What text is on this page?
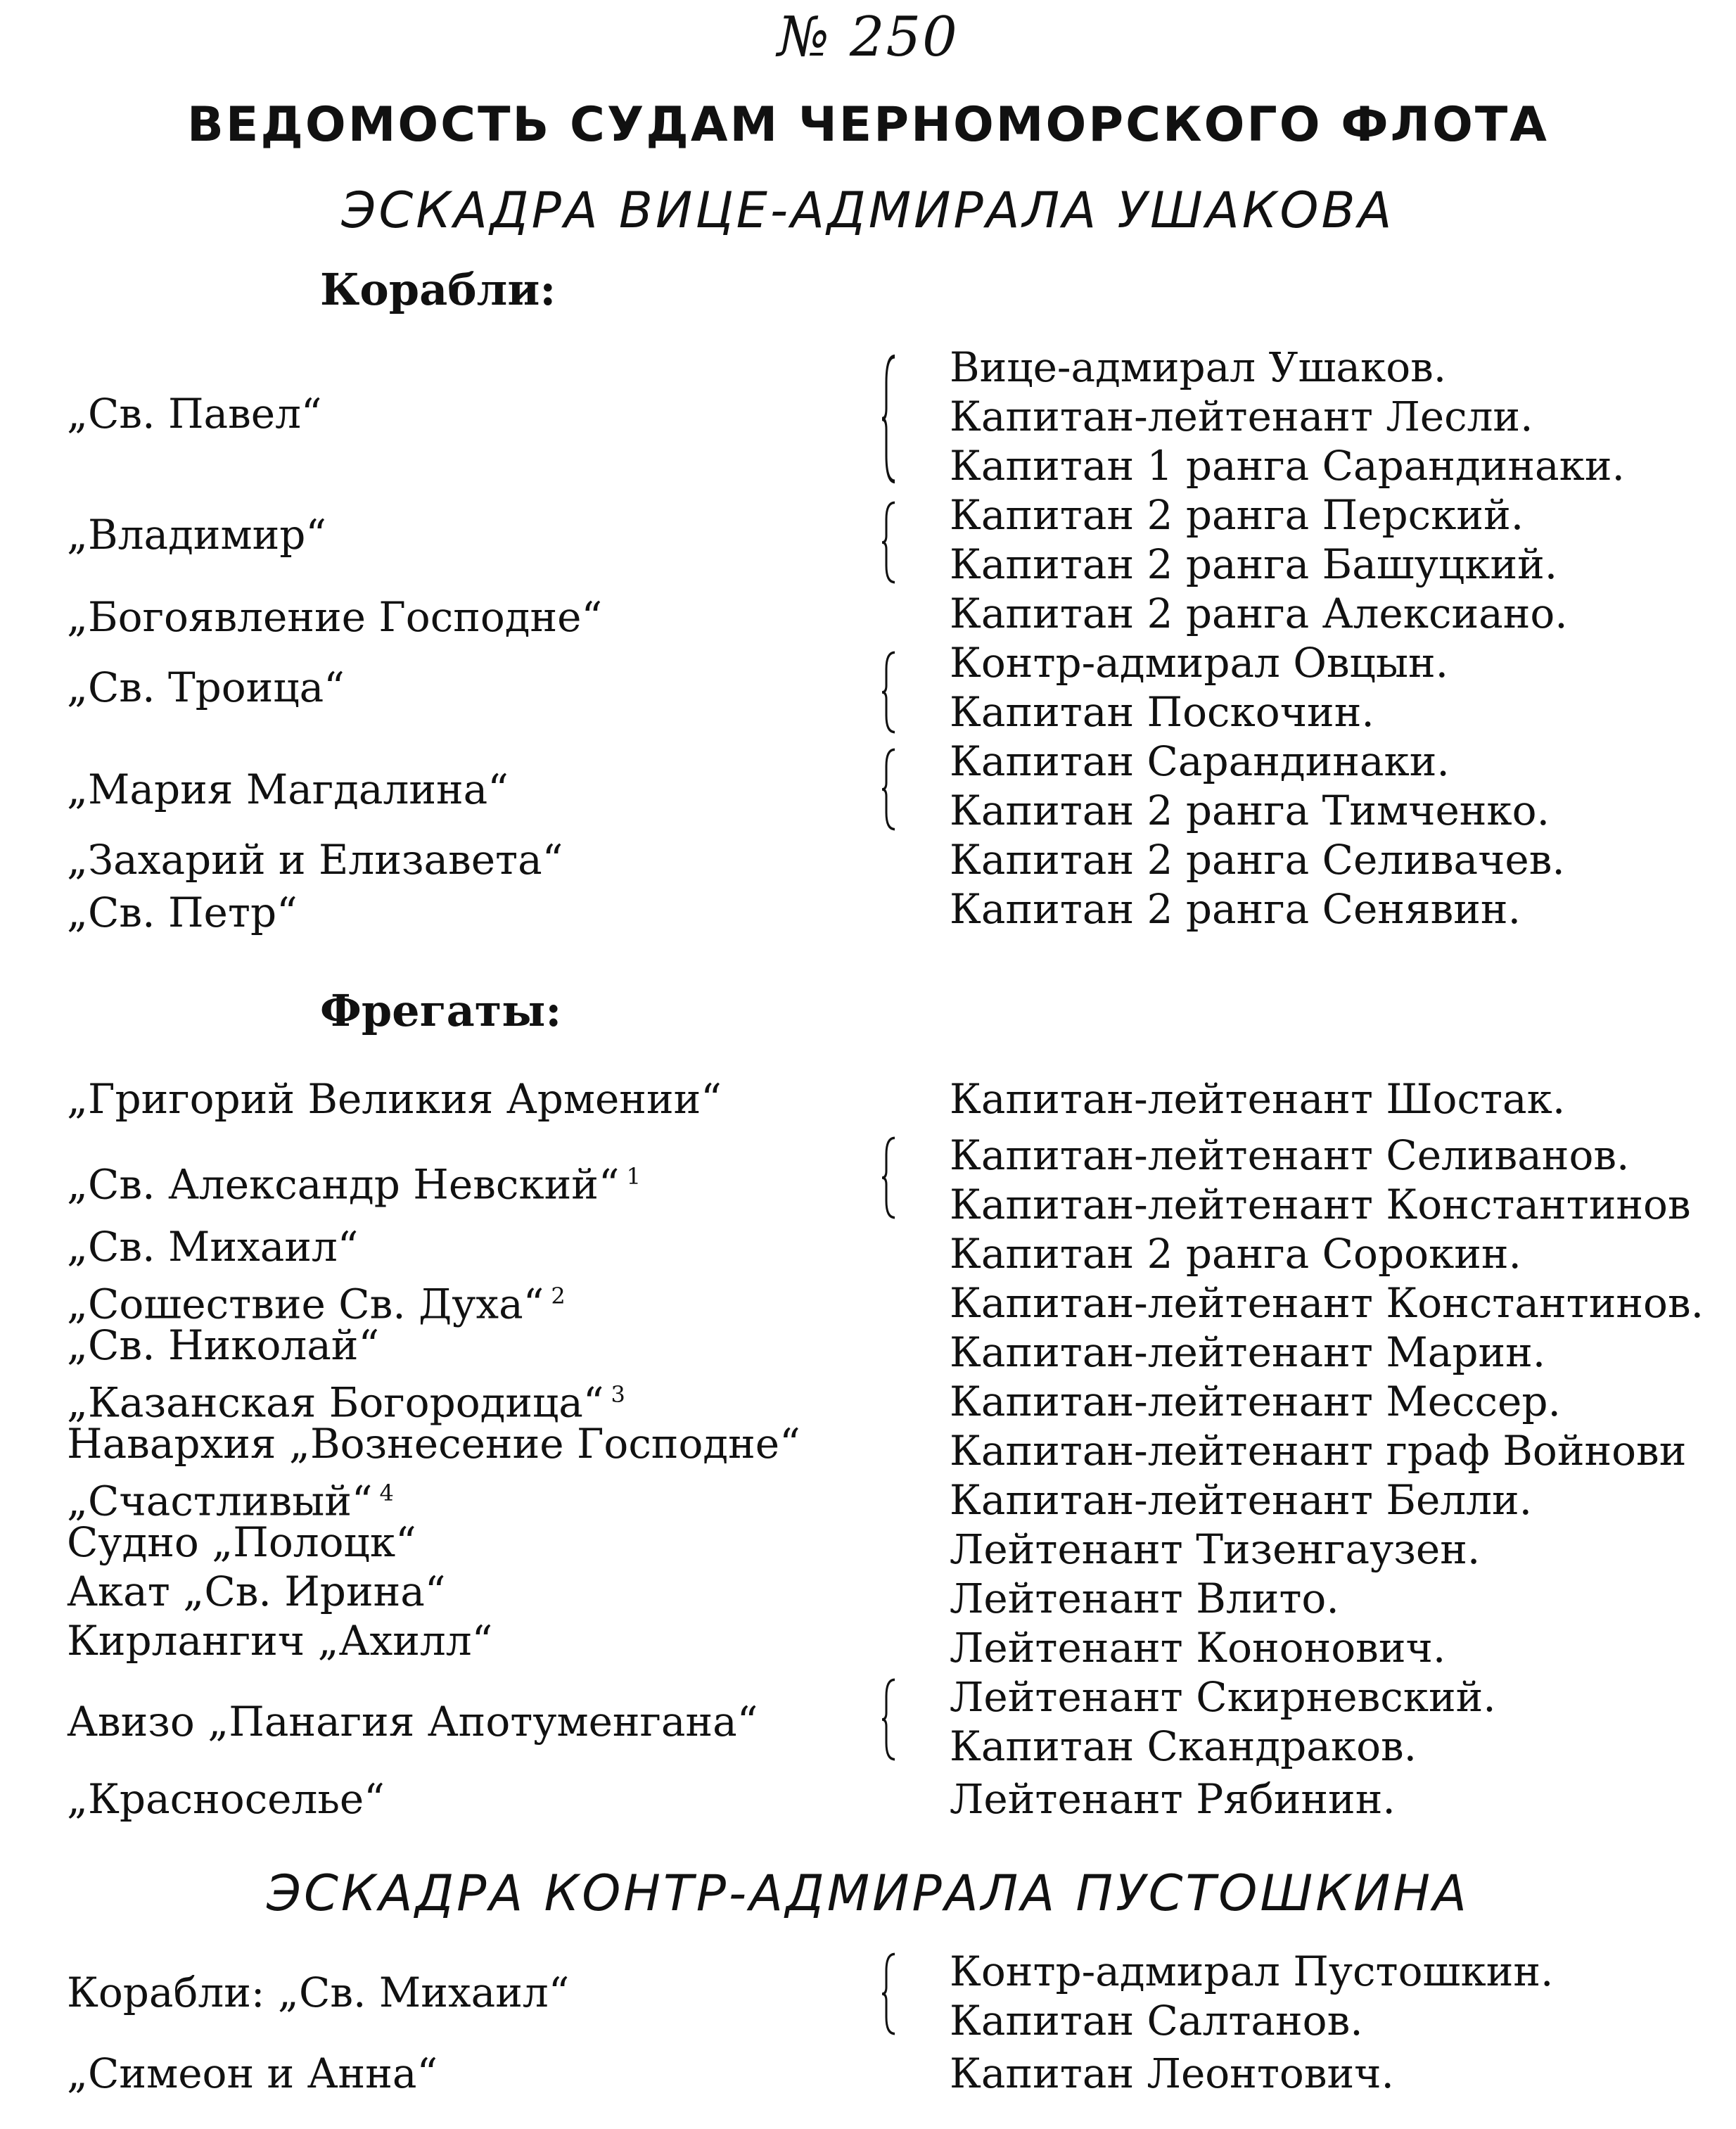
№ 250
ВЕДОМОСТЬ СУДАМ ЧЕРНОМОРСКОГО ФЛОТА
ЭСКАДРА ВИЦЕ-АДМИРАЛА УШАКОВА
Корабли:
„Св. Павел“
„Владимир“
„Богоявление Господне“
„Св. Троица“
„Мария Магдалина“
„Захарий и Елизавета“
„Св. Петр“
Вице-адмирал Ушаков.
Капитан-лейтенант Лесли.
Капитан 1 ранга Сарандинаки.
Капитан 2 ранга Перский.
Капитан 2 ранга Башуцкий.
Капитан 2 ранга Алексиано.
Контр-адмирал Овцын.
Капитан Поскочин.
Капитан Сарандинаки.
Капитан 2 ранга Тимченко.
Капитан 2 ранга Селивачев.
Капитан 2 ранга Сенявин.
Фрегаты:
„Григорий Великия Армении“
„Св. Александр Невский“ $^1$
„Св. Михаил“
„Сошествие Св. Духа“ $^2$
„Св. Николай“
„Казанская Богородица“ $^3$
Навархия „Вознесение Господне“
„Счастливый“ $^4$
Судно „Полоцк“
Акат „Св. Ирина“
Кирлангич „Ахилл“
Авизо „Панагия Апотуменгана“
„Красноселье“
Капитан-лейтенант Шостак.
Капитан-лейтенант Селиванов.
Капитан-лейтенант Константинов
Капитан 2 ранга Сорокин.
Капитан-лейтенант Константинов.
Капитан-лейтенант Марин.
Капитан-лейтенант Мессер.
Капитан-лейтенант граф Войнови
Капитан-лейтенант Белли.
Лейтенант Тизенгаузен.
Лейтенант Влито.
Лейтенант Кононович.
Лейтенант Скирневский.
Капитан Скандраков.
Лейтенант Рябинин.
ЭСКАДРА КОНТР-АДМИРАЛА ПУСТОШКИНА
Корабли: „Св. Михаил“
„Симеон и Анна“
Контр-адмирал Пустошкин.
Капитан Салтанов.
Капитан Леонтович.
